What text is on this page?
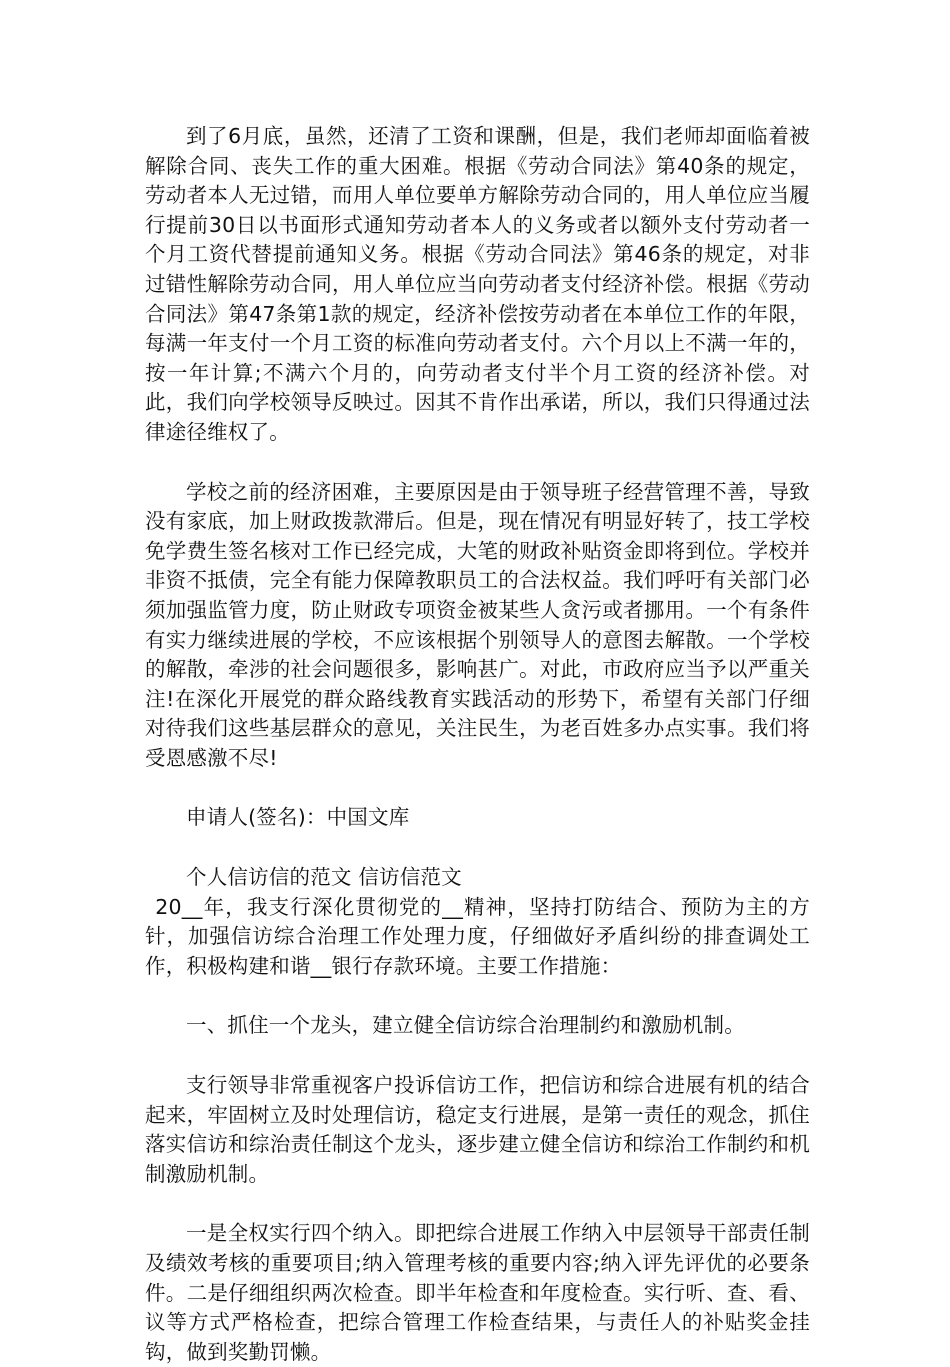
到了6月底，虽然，还清了工资和课酬，但是，我们老师却面临着被解除合同、丧失工作的重大困难。根据《劳动合同法》第40条的规定，劳动者本人无过错，而用人单位要单方解除劳动合同的，用人单位应当履行提前30日以书面形式通知劳动者本人的义务或者以额外支付劳动者一个月工资代替提前通知义务。根据《劳动合同法》第46条的规定，对非过错性解除劳动合同，用人单位应当向劳动者支付经济补偿。根据《劳动合同法》第47条第1款的规定，经济补偿按劳动者在本单位工作的年限，每满一年支付一个月工资的标准向劳动者支付。六个月以上不满一年的，按一年计算;不满六个月的，向劳动者支付半个月工资的经济补偿。对此，我们向学校领导反映过。因其不肯作出承诺，所以，我们只得通过法律途径维权了。

学校之前的经济困难，主要原因是由于领导班子经营管理不善，导致没有家底，加上财政拨款滞后。但是，现在情况有明显好转了，技工学校免学费生签名核对工作已经完成，大笔的财政补贴资金即将到位。学校并非资不抵债，完全有能力保障教职员工的合法权益。我们呼吁有关部门必须加强监管力度，防止财政专项资金被某些人贪污或者挪用。一个有条件有实力继续进展的学校，不应该根据个别领导人的意图去解散。一个学校的解散，牵涉的社会问题很多，影响甚广。对此，市政府应当予以严重关注!在深化开展党的群众路线教育实践活动的形势下，希望有关部门仔细对待我们这些基层群众的意见，关注民生，为老百姓多办点实事。我们将受恩感激不尽!

申请人(签名)：中国文库

个人信访信的范文 信访信范文

20__年，我支行深化贯彻党的__精神，坚持打防结合、预防为主的方针，加强信访综合治理工作处理力度，仔细做好矛盾纠纷的排查调处工作，积极构建和谐__银行存款环境。主要工作措施：

一、抓住一个龙头，建立健全信访综合治理制约和激励机制。

支行领导非常重视客户投诉信访工作，把信访和综合进展有机的结合起来，牢固树立及时处理信访，稳定支行进展，是第一责任的观念，抓住落实信访和综治责任制这个龙头，逐步建立健全信访和综治工作制约和机制激励机制。

一是全权实行四个纳入。即把综合进展工作纳入中层领导干部责任制及绩效考核的重要项目;纳入管理考核的重要内容;纳入评先评优的必要条件。二是仔细组织两次检查。即半年检查和年度检查。实行听、查、看、议等方式严格检查，把综合管理工作检查结果，与责任人的补贴奖金挂钩，做到奖勤罚懒。
